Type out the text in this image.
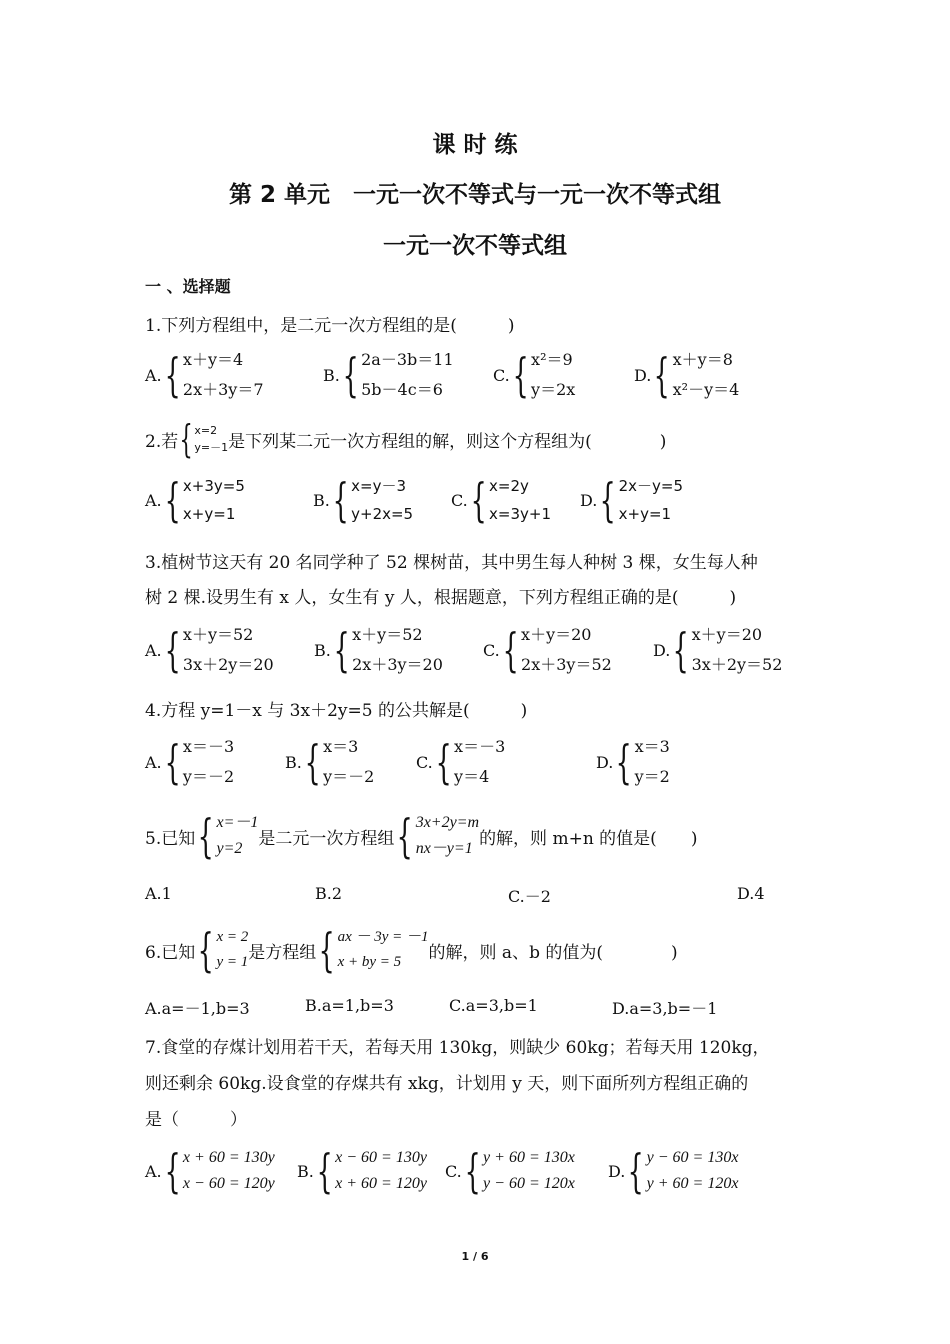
课 时 练
第 2 单元　一元一次不等式与一元一次不等式组
一元一次不等式组
一 、选择题
1.下列方程组中，是二元一次方程组的是(　　　)
A. { x＋y＝4
2x＋3y＝7
B. { 2a－3b＝11
5b－4c＝6
C. { x²＝9
y＝2x
D. { x＋y＝8
x²－y＝4
2.若 { x=2
y=－1 是下列某二元一次方程组的解，则这个方程组为(　　　　)
A. { x+3y=5
x+y=1
B. { x=y－3
y+2x=5
C. { x=2y
x=3y+1
D. { 2x－y=5
x+y=1
3.植树节这天有 20 名同学种了 52 棵树苗，其中男生每人种树 3 棵，女生每人种
树 2 棵.设男生有 x 人，女生有 y 人，根据题意，下列方程组正确的是(　　　)
A. { x＋y＝52
3x＋2y＝20
B. { x＋y＝52
2x＋3y＝20
C. { x＋y＝20
2x＋3y＝52
D. { x＋y＝20
3x＋2y＝52
4.方程 y=1－x 与 3x＋2y=5 的公共解是(　　　)
A. { x＝－3
y＝－2
B. { x＝3
y＝－2
C. { x＝－3
y＝4
D. { x＝3
y＝2
5.已知 { x=－1
y=2 是二元一次方程组 { 3x+2y=m
nx－y=1 的解，则 m+n 的值是(　　)
A.1	B.2	C.－2	D.4
6.已知 { x = 2
y = 1 是方程组 { ax － 3y = －1
x + by = 5	的解，则 a、b 的值为(　　　　)
A.a=－1,b=3	B.a=1,b=3	C.a=3,b=1	D.a=3,b=－1
7.食堂的存煤计划用若干天，若每天用 130kg，则缺少 60kg；若每天用 120kg，
则还剩余 60kg.设食堂的存煤共有 xkg，计划用 y 天，则下面所列方程组正确的
是（　　　）
A. { x + 60 = 130y
x − 60 = 120y
B. { x − 60 = 130y
x + 60 = 120y
C. { y + 60 = 130x
y − 60 = 120x
D. { y − 60 = 130x
y + 60 = 120x
1 / 6
